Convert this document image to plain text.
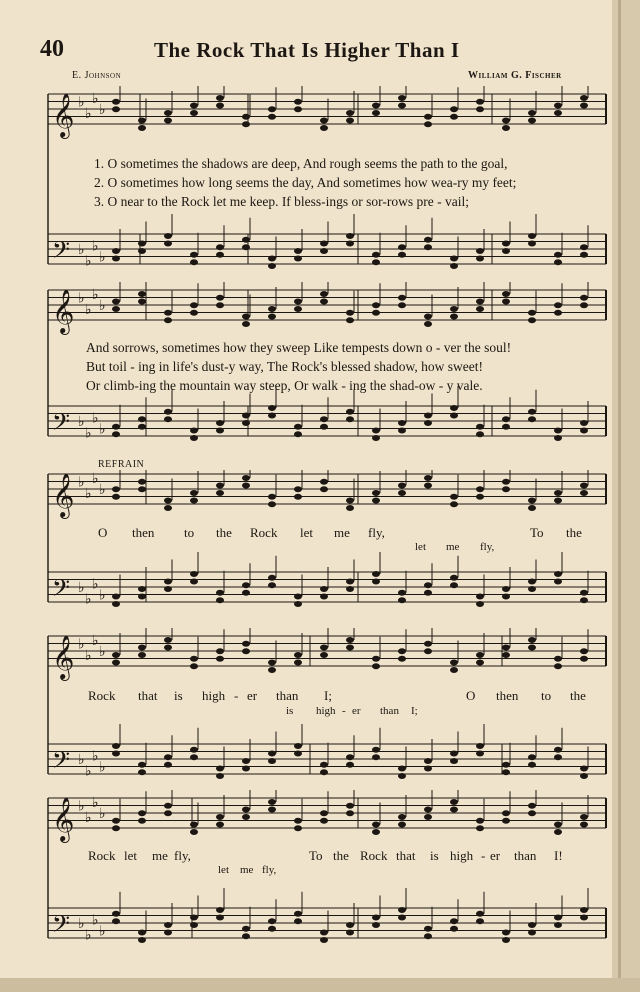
40	The Rock That Is Higher Than I
E. Johnson	William G. Fischer
𝄞 ♭
♭
♭
♭
𝄢 ♭
♭
♭
♭
1. O sometimes the shadows are deep, And rough seems the path to the goal,
2. O sometimes how long seems the day, And sometimes how wea-ry my feet;
3. O near to the Rock let me keep. If bless-ings or sor-rows pre - vail;
𝄞 ♭
♭
♭
♭
𝄢 ♭
♭
♭
♭
And sorrows, sometimes how they sweep Like tempests down o - ver the soul!
But toil - ing in life's dust-y way, The Rock's blessed shadow, how sweet!
Or climb-ing the mountain way steep, Or walk - ing the shad-ow - y vale.
REFRAIN
𝄞 ♭
♭
♭
♭
𝄢 ♭
♭
♭
♭
O then to the Rock let me fly,	To the
let me fly,
𝄞 ♭
♭
♭
♭
𝄢 ♭
♭
♭
♭
Rock that is high - er than I;	O then to the
is high - er than I;
𝄞 ♭
♭
♭
♭
𝄢 ♭
♭
♭
♭
Rock let me fly,	To the Rock that is high - er than I!
let me fly,
